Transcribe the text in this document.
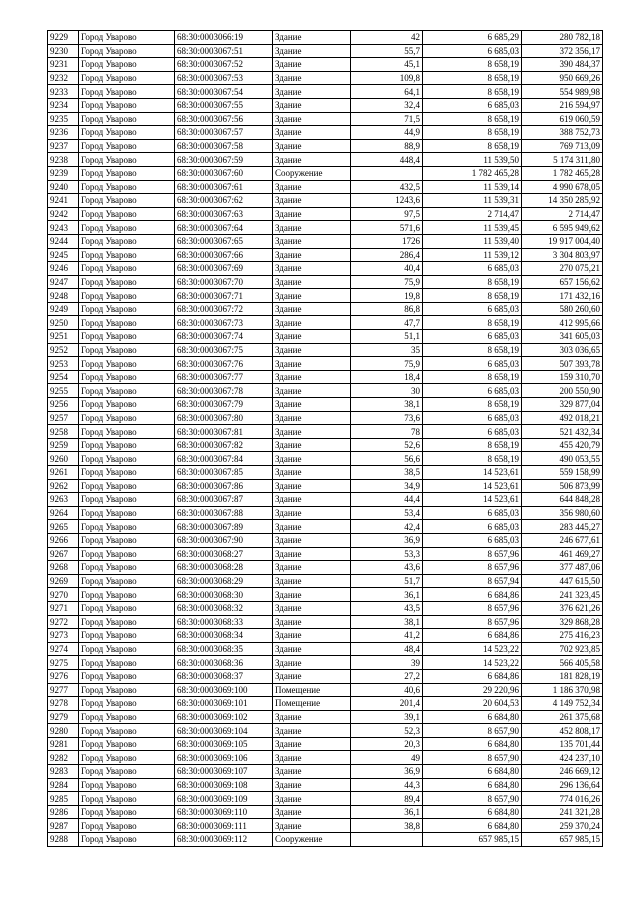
9229	Город Уварово	68:30:0003066:19	Здание	42	6 685,29	280 782,18
9230	Город Уварово	68:30:0003067:51	Здание	55,7	6 685,03	372 356,17
9231	Город Уварово	68:30:0003067:52	Здание	45,1	8 658,19	390 484,37
9232	Город Уварово	68:30:0003067:53	Здание	109,8	8 658,19	950 669,26
9233	Город Уварово	68:30:0003067:54	Здание	64,1	8 658,19	554 989,98
9234	Город Уварово	68:30:0003067:55	Здание	32,4	6 685,03	216 594,97
9235	Город Уварово	68:30:0003067:56	Здание	71,5	8 658,19	619 060,59
9236	Город Уварово	68:30:0003067:57	Здание	44,9	8 658,19	388 752,73
9237	Город Уварово	68:30:0003067:58	Здание	88,9	8 658,19	769 713,09
9238	Город Уварово	68:30:0003067:59	Здание	448,4	11 539,50	5 174 311,80
9239	Город Уварово	68:30:0003067:60	Сооружение		1 782 465,28	1 782 465,28
9240	Город Уварово	68:30:0003067:61	Здание	432,5	11 539,14	4 990 678,05
9241	Город Уварово	68:30:0003067:62	Здание	1243,6	11 539,31	14 350 285,92
9242	Город Уварово	68:30:0003067:63	Здание	97,5	2 714,47	2 714,47
9243	Город Уварово	68:30:0003067:64	Здание	571,6	11 539,45	6 595 949,62
9244	Город Уварово	68:30:0003067:65	Здание	1726	11 539,40	19 917 004,40
9245	Город Уварово	68:30:0003067:66	Здание	286,4	11 539,12	3 304 803,97
9246	Город Уварово	68:30:0003067:69	Здание	40,4	6 685,03	270 075,21
9247	Город Уварово	68:30:0003067:70	Здание	75,9	8 658,19	657 156,62
9248	Город Уварово	68:30:0003067:71	Здание	19,8	8 658,19	171 432,16
9249	Город Уварово	68:30:0003067:72	Здание	86,8	6 685,03	580 260,60
9250	Город Уварово	68:30:0003067:73	Здание	47,7	8 658,19	412 995,66
9251	Город Уварово	68:30:0003067:74	Здание	51,1	6 685,03	341 605,03
9252	Город Уварово	68:30:0003067:75	Здание	35	8 658,19	303 036,65
9253	Город Уварово	68:30:0003067:76	Здание	75,9	6 685,03	507 393,78
9254	Город Уварово	68:30:0003067:77	Здание	18,4	8 658,19	159 310,70
9255	Город Уварово	68:30:0003067:78	Здание	30	6 685,03	200 550,90
9256	Город Уварово	68:30:0003067:79	Здание	38,1	8 658,19	329 877,04
9257	Город Уварово	68:30:0003067:80	Здание	73,6	6 685,03	492 018,21
9258	Город Уварово	68:30:0003067:81	Здание	78	6 685,03	521 432,34
9259	Город Уварово	68:30:0003067:82	Здание	52,6	8 658,19	455 420,79
9260	Город Уварово	68:30:0003067:84	Здание	56,6	8 658,19	490 053,55
9261	Город Уварово	68:30:0003067:85	Здание	38,5	14 523,61	559 158,99
9262	Город Уварово	68:30:0003067:86	Здание	34,9	14 523,61	506 873,99
9263	Город Уварово	68:30:0003067:87	Здание	44,4	14 523,61	644 848,28
9264	Город Уварово	68:30:0003067:88	Здание	53,4	6 685,03	356 980,60
9265	Город Уварово	68:30:0003067:89	Здание	42,4	6 685,03	283 445,27
9266	Город Уварово	68:30:0003067:90	Здание	36,9	6 685,03	246 677,61
9267	Город Уварово	68:30:0003068:27	Здание	53,3	8 657,96	461 469,27
9268	Город Уварово	68:30:0003068:28	Здание	43,6	8 657,96	377 487,06
9269	Город Уварово	68:30:0003068:29	Здание	51,7	8 657,94	447 615,50
9270	Город Уварово	68:30:0003068:30	Здание	36,1	6 684,86	241 323,45
9271	Город Уварово	68:30:0003068:32	Здание	43,5	8 657,96	376 621,26
9272	Город Уварово	68:30:0003068:33	Здание	38,1	8 657,96	329 868,28
9273	Город Уварово	68:30:0003068:34	Здание	41,2	6 684,86	275 416,23
9274	Город Уварово	68:30:0003068:35	Здание	48,4	14 523,22	702 923,85
9275	Город Уварово	68:30:0003068:36	Здание	39	14 523,22	566 405,58
9276	Город Уварово	68:30:0003068:37	Здание	27,2	6 684,86	181 828,19
9277	Город Уварово	68:30:0003069:100	Помещение	40,6	29 220,96	1 186 370,98
9278	Город Уварово	68:30:0003069:101	Помещение	201,4	20 604,53	4 149 752,34
9279	Город Уварово	68:30:0003069:102	Здание	39,1	6 684,80	261 375,68
9280	Город Уварово	68:30:0003069:104	Здание	52,3	8 657,90	452 808,17
9281	Город Уварово	68:30:0003069:105	Здание	20,3	6 684,80	135 701,44
9282	Город Уварово	68:30:0003069:106	Здание	49	8 657,90	424 237,10
9283	Город Уварово	68:30:0003069:107	Здание	36,9	6 684,80	246 669,12
9284	Город Уварово	68:30:0003069:108	Здание	44,3	6 684,80	296 136,64
9285	Город Уварово	68:30:0003069:109	Здание	89,4	8 657,90	774 016,26
9286	Город Уварово	68:30:0003069:110	Здание	36,1	6 684,80	241 321,28
9287	Город Уварово	68:30:0003069:111	Здание	38,8	6 684,80	259 370,24
9288	Город Уварово	68:30:0003069:112	Сооружение		657 985,15	657 985,15
